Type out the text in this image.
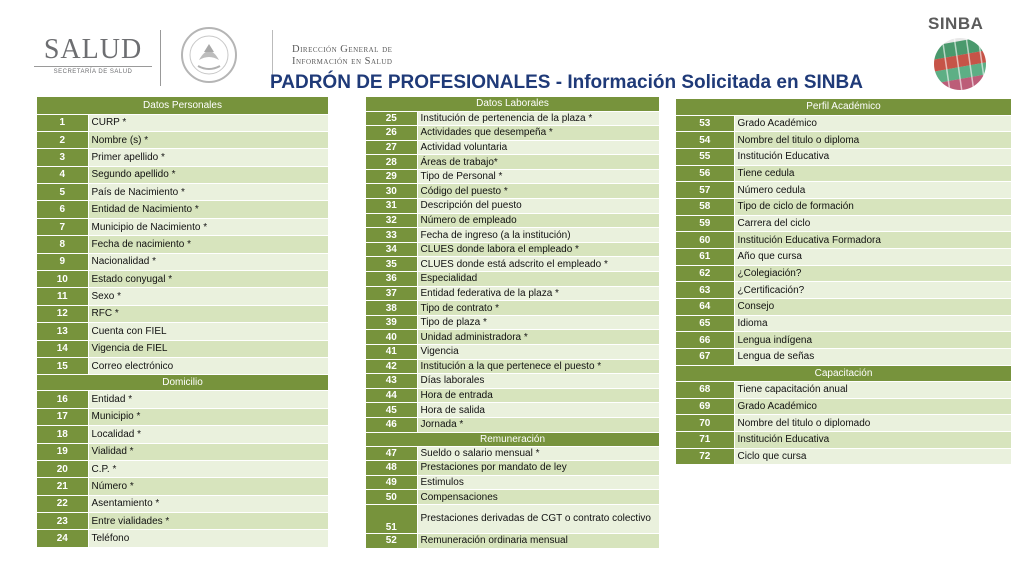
SALUD
SECRETARÍA DE SALUD
Dirección General de
Información en Salud
PADRÓN DE PROFESIONALES - Información Solicitada en SINBA
SINBA
Datos Personales	
1	CURP *
2	Nombre (s) *
3	Primer apellido *
4	Segundo apellido *
5	País de Nacimiento *
6	Entidad de Nacimiento *
7	Municipio de Nacimiento *
8	Fecha de nacimiento *
9	Nacionalidad *
10	Estado conyugal *
11	Sexo *
12	RFC *
13	Cuenta con FIEL
14	Vigencia de FIEL
15	Correo electrónico
Domicilio	
16	Entidad *
17	Municipio *
18	Localidad *
19	Vialidad *
20	C.P. *
21	Número *
22	Asentamiento *
23	Entre vialidades *
24	Teléfono
Datos Laborales	
25	Institución de pertenencia de la plaza *
26	Actividades que desempeña *
27	Actividad voluntaria
28	Áreas de trabajo*
29	Tipo de Personal *
30	Código del puesto *
31	Descripción del puesto
32	Número de empleado
33	Fecha de ingreso (a la institución)
34	CLUES donde labora el empleado *
35	CLUES donde está adscrito el empleado *
36	Especialidad
37	Entidad federativa de la plaza *
38	Tipo de contrato *
39	Tipo de plaza *
40	Unidad administradora *
41	Vigencia
42	Institución a la que pertenece el puesto *
43	Días laborales
44	Hora de entrada
45	Hora de salida
46	Jornada *
Remuneración	
47	Sueldo o salario mensual *
48	Prestaciones por mandato de ley
49	Estimulos
50	Compensaciones
51	Prestaciones derivadas de CGT o contrato colectivo
52	Remuneración ordinaria mensual
Perfil Académico	
53	Grado Académico
54	Nombre del titulo o diploma
55	Institución Educativa
56	Tiene cedula
57	Número cedula
58	Tipo de ciclo de formación
59	Carrera del ciclo
60	Institución Educativa Formadora
61	Año que cursa
62	¿Colegiación?
63	¿Certificación?
64	Consejo
65	Idioma
66	Lengua indígena
67	Lengua de señas
Capacitación	
68	Tiene capacitación anual
69	Grado Académico
70	Nombre del titulo o diplomado
71	Institución Educativa
72	Ciclo que cursa
